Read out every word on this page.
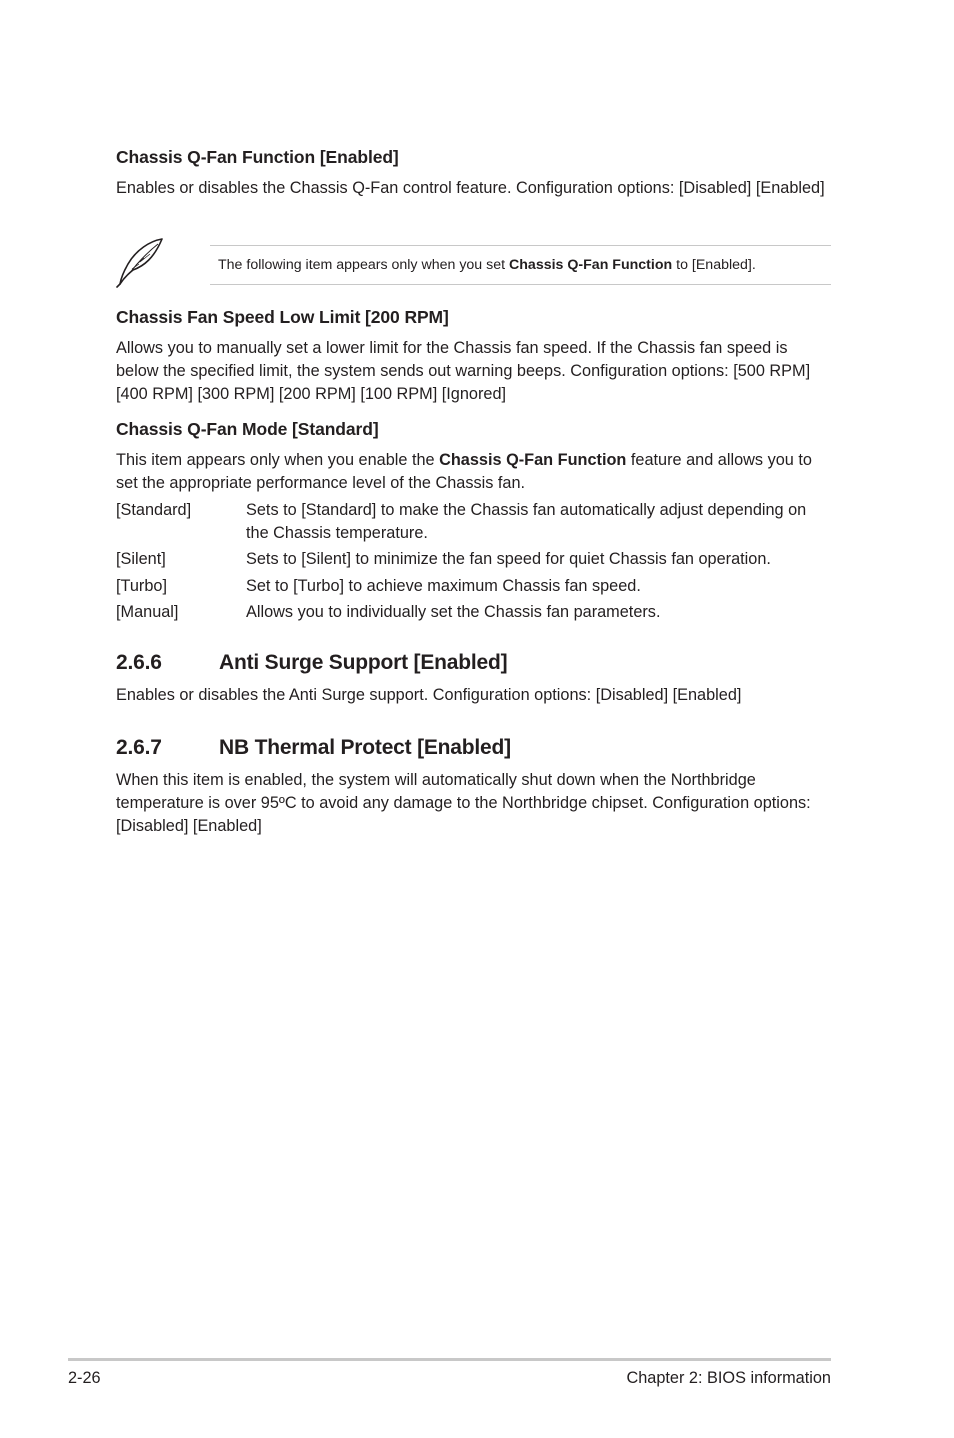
Chassis Q-Fan Function [Enabled]

Enables or disables the Chassis Q-Fan control feature. Configuration options: [Disabled] [Enabled]

The following item appears only when you set Chassis Q-Fan Function to [Enabled].

Chassis Fan Speed Low Limit [200 RPM]

Allows you to manually set a lower limit for the Chassis fan speed. If the Chassis fan speed is below the specified limit, the system sends out warning beeps. Configuration options: [500 RPM] [400 RPM] [300 RPM] [200 RPM] [100 RPM] [Ignored]

Chassis Q-Fan Mode [Standard]

This item appears only when you enable the Chassis Q-Fan Function feature and allows you to set the appropriate performance level of the Chassis fan.

[Standard]	Sets to [Standard] to make the Chassis fan automatically adjust depending on the Chassis temperature.
[Silent]	Sets to [Silent] to minimize the fan speed for quiet Chassis fan operation.
[Turbo]	Set to [Turbo] to achieve maximum Chassis fan speed.
[Manual]	Allows you to individually set the Chassis fan parameters.
2.6.6	Anti Surge Support [Enabled]

Enables or disables the Anti Surge support. Configuration options: [Disabled] [Enabled]

2.6.7	NB Thermal Protect [Enabled]

When this item is enabled, the system will automatically shut down when the Northbridge temperature is over 95ºC to avoid any damage to the Northbridge chipset. Configuration options: [Disabled] [Enabled]

2-26	Chapter 2: BIOS information
